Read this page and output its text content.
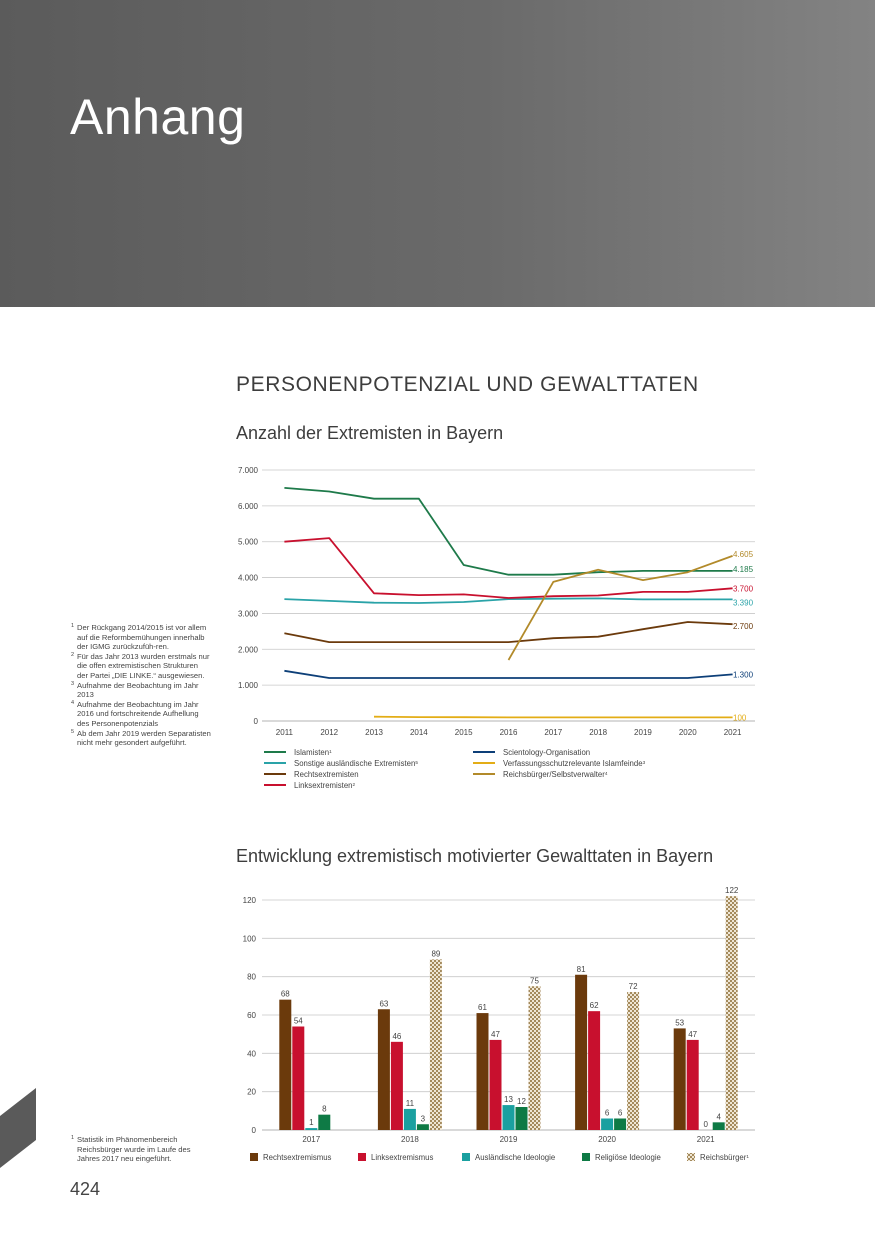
Anhang
PERSONENPOTENZIAL UND GEWALTTATEN
Anzahl der Extremisten in Bayern
Entwicklung extremistisch motivierter Gewalttaten in Bayern
1 Der Rückgang 2014/2015 ist vor allem auf die Reformbemühungen innerhalb der IGMG zurückzufüh-ren.
2 Für das Jahr 2013 wurden erstmals nur die offen extremistischen Strukturen der Partei „DIE LINKE.“ ausgewiesen.
3 Aufnahme der Beobachtung im Jahr 2013
4 Aufnahme der Beobachtung im Jahr 2016 und fortschreitende Aufhellung des Personenpotenzials
5 Ab dem Jahr 2019 werden Separatisten nicht mehr gesondert aufgeführt.
1 Statistik im Phänomenbereich Reichsbürger wurde im Laufe des Jahres 2017 neu eingeführt.
0
1.000
2.000
3.000
4.000
5.000
6.000
7.000
2011	2012	2013	2014	2015	2016	2017	2018	2019	2020	2021
4.185
3.390
2.700
3.700
1.300
100
4.605
Islamisten$^1$
Sonstige ausländische Extremisten$^5$
Rechtsextremisten
Linksextremisten$^2$
Scientology-Organisation
Verfassungsschutzrelevante Islamfeinde$^3$
Reichsbürger/Selbstverwalter$^4$
0
20
40
60
80
100
120
2017
68
54
1
8
2018
63
46
11
3
89
2019
61
47
13 12
75
2020
81
62
6 6
72
2021
53
47
0
4
122
Rechtsextremismus	Linksextremismus	Ausländische Ideologie	Religiöse Ideologie	Reichsbürger$^1$
424
